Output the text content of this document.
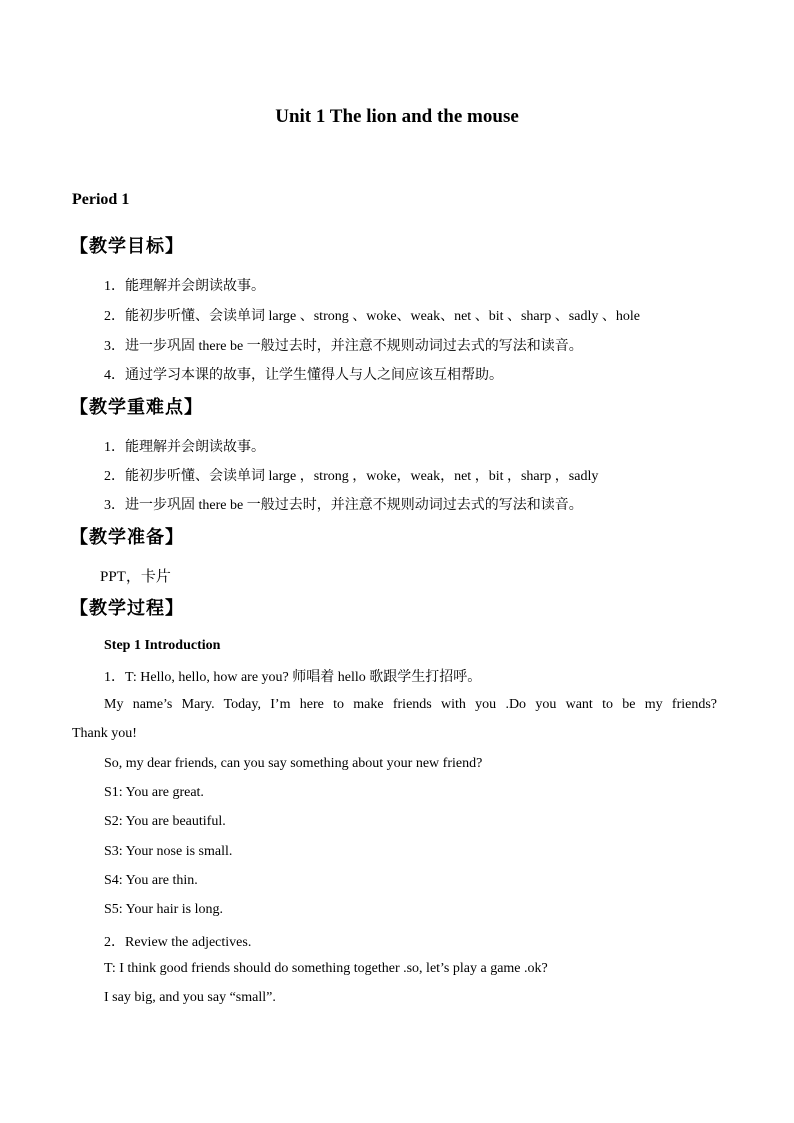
Unit 1 The lion and the mouse
Period 1
【教学目标】
1．能理解并会朗读故事。
2．能初步听懂、会读单词 large 、strong 、woke、weak、net 、bit 、sharp 、sadly 、hole
3．进一步巩固 there be 一般过去时，并注意不规则动词过去式的写法和读音。
4．通过学习本课的故事，让学生懂得人与人之间应该互相帮助。
【教学重难点】
1．能理解并会朗读故事。
2．能初步听懂、会读单词 large ，strong ，woke，weak，net ，bit ，sharp ，sadly
3．进一步巩固 there be 一般过去时，并注意不规则动词过去式的写法和读音。
【教学准备】
PPT，卡片
【教学过程】
Step 1 Introduction
1．T: Hello, hello, how are you? 师唱着 hello 歌跟学生打招呼。
My name’s Mary. Today, I’m here to make friends with you .Do you want to be my friends?
Thank you!
So, my dear friends, can you say something about your new friend?
S1: You are great.
S2: You are beautiful.
S3: Your nose is small.
S4: You are thin.
S5: Your hair is long.
2．Review the adjectives.
T: I think good friends should do something together .so, let’s play a game .ok?
I say big, and you say “small”.
